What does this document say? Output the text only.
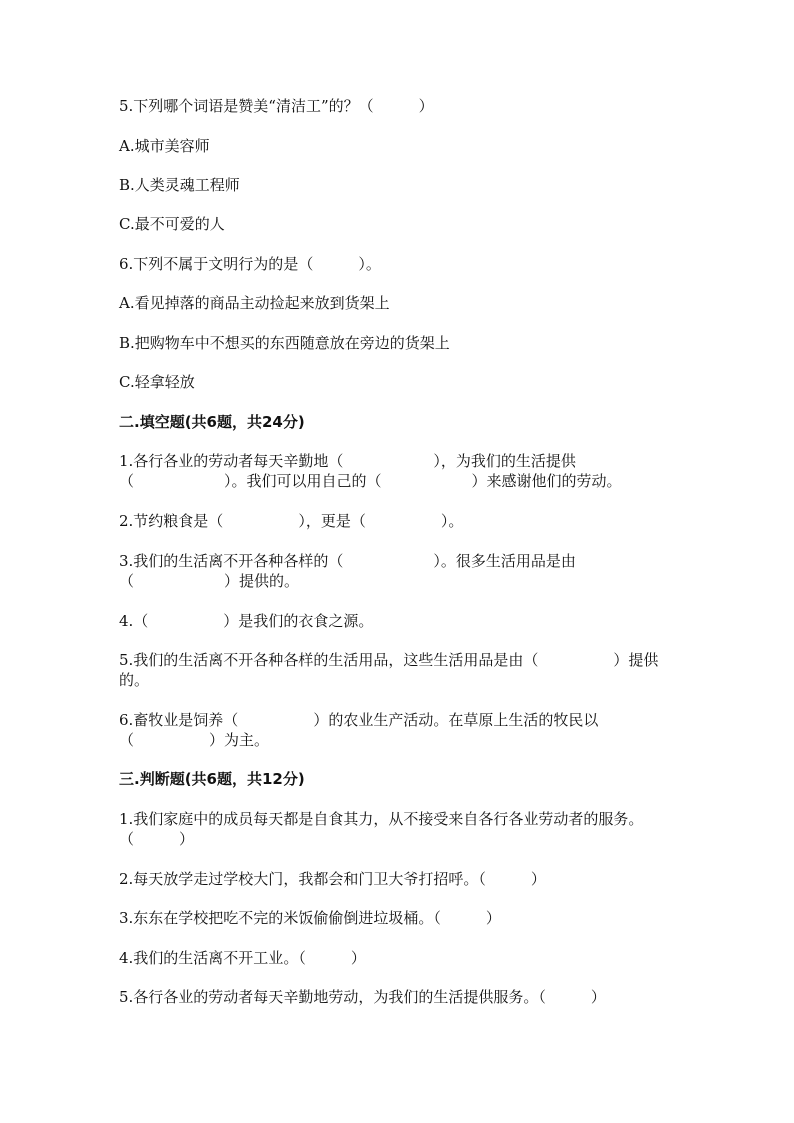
5.下列哪个词语是赞美“清洁工”的？（　　　）
A.城市美容师
B.人类灵魂工程师
C.最不可爱的人
6.下列不属于文明行为的是（　　　）。
A.看见掉落的商品主动捡起来放到货架上
B.把购物车中不想买的东西随意放在旁边的货架上
C.轻拿轻放
二.填空题(共6题，共24分)
1.各行各业的劳动者每天辛勤地（　　　　　　），为我们的生活提供（　　　　　　）。我们可以用自己的（　　　　　　）来感谢他们的劳动。
2.节约粮食是（　　　　　），更是（　　　　　）。
3.我们的生活离不开各种各样的（　　　　　　）。很多生活用品是由（　　　　　　）提供的。
4.（　　　　　）是我们的衣食之源。
5.我们的生活离不开各种各样的生活用品，这些生活用品是由（　　　　　）提供的。
6.畜牧业是饲养（　　　　　）的农业生产活动。在草原上生活的牧民以（　　　　　）为主。
三.判断题(共6题，共12分)
1.我们家庭中的成员每天都是自食其力，从不接受来自各行各业劳动者的服务。（　　　）
2.每天放学走过学校大门，我都会和门卫大爷打招呼。（　　　）
3.东东在学校把吃不完的米饭偷偷倒进垃圾桶。（　　　）
4.我们的生活离不开工业。（　　　）
5.各行各业的劳动者每天辛勤地劳动，为我们的生活提供服务。（　　　）
